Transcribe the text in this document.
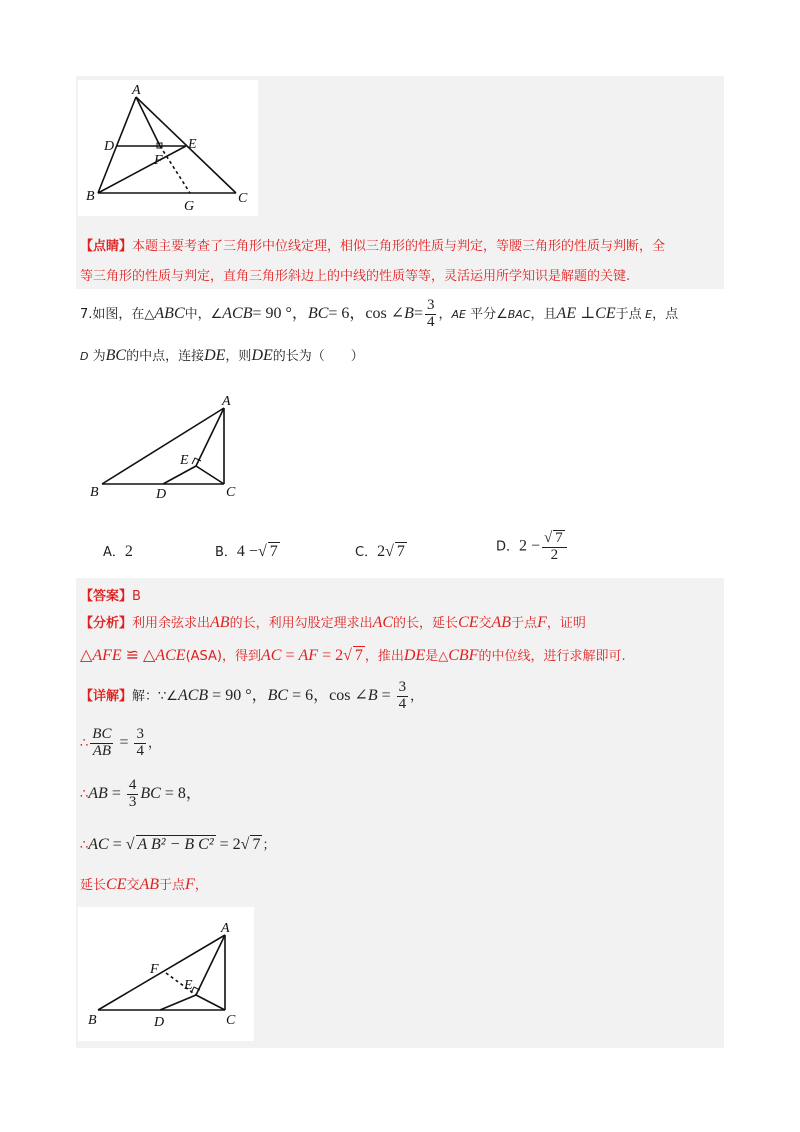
A
D	E
F
B
G
C
【点睛】本题主要考查了三角形中位线定理，相似三角形的性质与判定，等腰三角形的性质与判断，全
等三角形的性质与判定，直角三角形斜边上的中线的性质等等，灵活运用所学知识是解题的关键.
7.如图，在△ABC中，∠ACB= 90 °，BC= 6，cos ∠B= $\frac{3}{4}$ ，AE 平分∠BAC，且AE ⊥CE于点 E，点
D 为BC的中点，连接DE，则DE的长为（　　）
A
E
B	D	C
A．2	B．4 −√ 7	C．2√ 7	D．$2 - \frac{√ 7}{2}$
【答案】B
【分析】利用余弦求出AB的长，利用勾股定理求出AC的长，延长CE交AB于点F，证明
△AFE ≌ △ACE(ASA)，得到AC = AF = 2√ 7 ，推出DE是△CBF的中位线，进行求解即可.
【详解】解：∵∠ACB = 90 °，BC = 6，cos ∠B = $\frac{3}{4}$ ，
∴ $\frac{BC}{AB} = \frac{3}{4}$ ，
∴AB = $\frac{4}{3}$ BC = 8，
∴AC = √ A B² − B C² = 2√ 7 ；
延长CE交AB于点F，
A
F
E
B	D	C
